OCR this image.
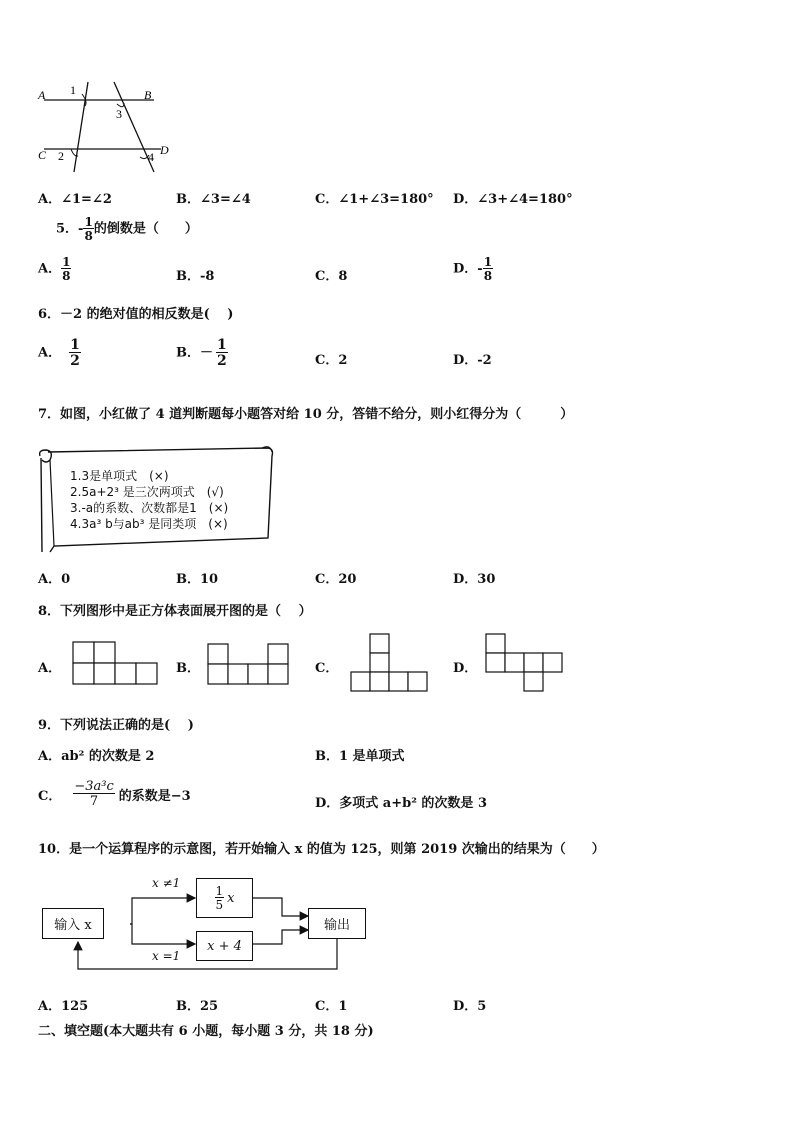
A	B
C	D
1
2
3
4
A．∠1=∠2	B．∠3=∠4	C．∠1+∠3=180° D．∠3+∠4=180°
5．- $\frac{1}{8}$ 的倒数是（　　）
A． $\frac{1}{8}$	B．-8	C．8	D．- $\frac{1}{8}$
6．－2 的绝对值的相反数是(　 )
A． $\frac{1}{2}$	B．－ $\frac{1}{2}$	C．2	D．-2
7．如图，小红做了 4 道判断题每小题答对给 10 分，答错不给分，则小红得分为（　　　）
1.3是单项式　(×)
2.5a+2³ 是三次两项式　(√)
3.-a的系数、次数都是1　(×)
4.3a³ b与ab³ 是同类项　(×)
A．0	B．10	C．20	D．30
8．下列图形中是正方体表面展开图的是（　 ）
A．	B．	C．	D．
9．下列说法正确的是(　 )
A．ab² 的次数是 2	B．1 是单项式
C． $\frac{\text{−3a³c}}{7}$ 的系数是−3	D．多项式 a+b² 的次数是 3
10．是一个运算程序的示意图，若开始输入 x 的值为 125，则第 2019 次输出的结果为（　　）
输入 x
x ≠1
x =1
$\frac{1}{5}$ x
x + 4
输出
A．125	B．25	C．1	D．5
二、填空题(本大题共有 6 小题，每小题 3 分，共 18 分)
